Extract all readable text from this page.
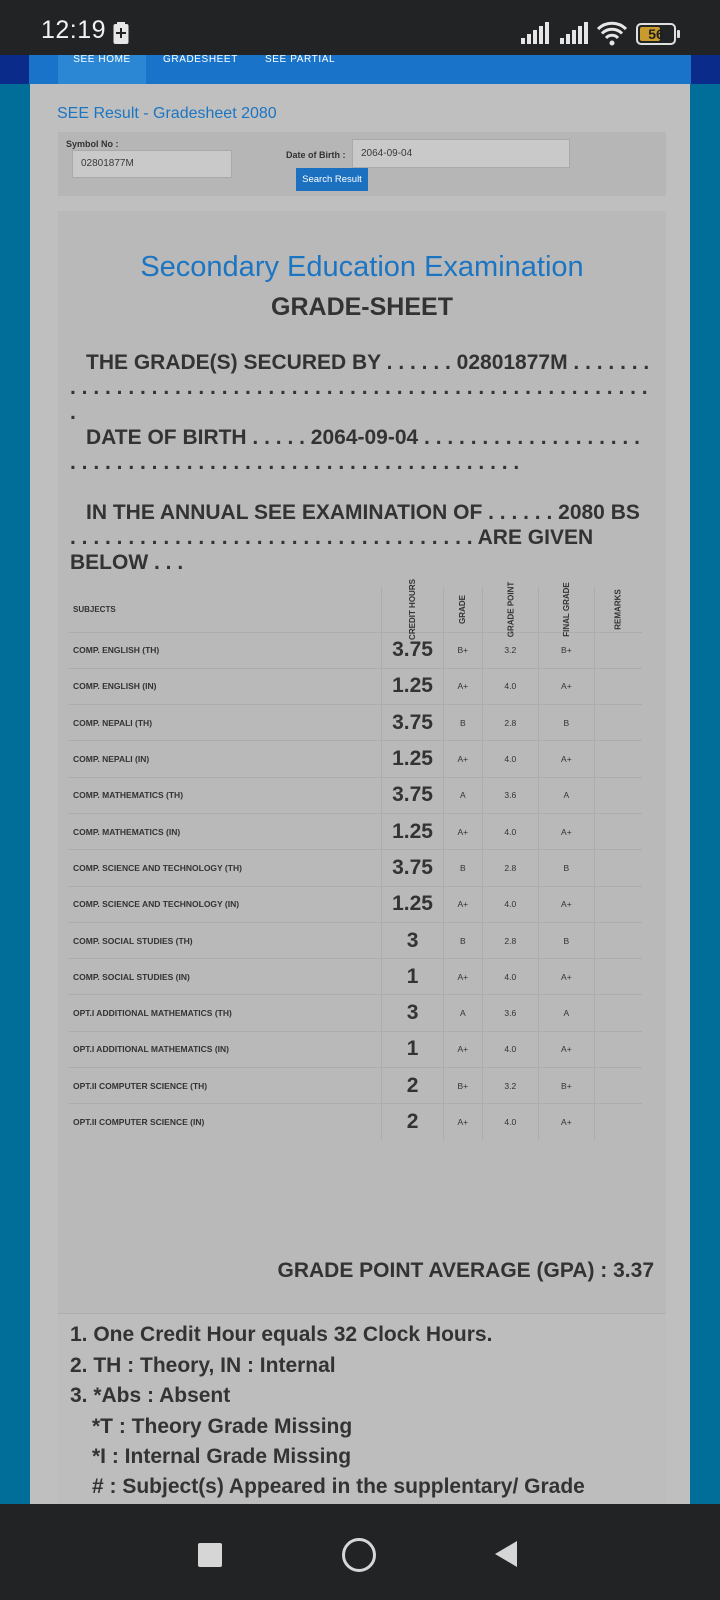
12:19	56
SEE HOME	GRADESHEET	SEE PARTIAL
SEE Result - Gradesheet 2080
Symbol No :
02801877M
Date of Birth :	2064-09-04
Search Result
Secondary Education Examination
GRADE-SHEET
THE GRADE(S) SECURED BY . . . . . . 02801877M . . . . . . . . . . . . . . . . . . . . . . . . . . . . . . . . . . . . . . . . . . . . . . . . . . . . . . . . . .
DATE OF BIRTH . . . . . 2064-09-04 . . . . . . . . . . . . . . . . . . . . . . . . . . . . . . . . . . . . . . . . . . . . . . . . . . . . . . . . . .
IN THE ANNUAL SEE EXAMINATION OF . . . . . . 2080 BS . . . . . . . . . . . . . . . . . . . . . . . . . . . . . . . . . . . ARE GIVEN BELOW . . .
SUBJECTS	CREDIT HOURS	GRADE	GRADE POINT	FINAL GRADE	REMARKS
COMP. ENGLISH (TH)	3.75	B+	3.2	B+	
COMP. ENGLISH (IN)	1.25	A+	4.0	A+	
COMP. NEPALI (TH)	3.75	B	2.8	B	
COMP. NEPALI (IN)	1.25	A+	4.0	A+	
COMP. MATHEMATICS (TH)	3.75	A	3.6	A	
COMP. MATHEMATICS (IN)	1.25	A+	4.0	A+	
COMP. SCIENCE AND TECHNOLOGY (TH)	3.75	B	2.8	B	
COMP. SCIENCE AND TECHNOLOGY (IN)	1.25	A+	4.0	A+	
COMP. SOCIAL STUDIES (TH)	3	B	2.8	B	
COMP. SOCIAL STUDIES (IN)	1	A+	4.0	A+	
OPT.I ADDITIONAL MATHEMATICS (TH)	3	A	3.6	A	
OPT.I ADDITIONAL MATHEMATICS (IN)	1	A+	4.0	A+	
OPT.II COMPUTER SCIENCE (TH)	2	B+	3.2	B+	
OPT.II COMPUTER SCIENCE (IN)	2	A+	4.0	A+	
GRADE POINT AVERAGE (GPA) : 3.37
1. One Credit Hour equals 32 Clock Hours.
2. TH : Theory, IN : Internal
3. *Abs : Absent
*T : Theory Grade Missing
*I : Internal Grade Missing
# : Subject(s) Appeared in the supplentary/ Grade
